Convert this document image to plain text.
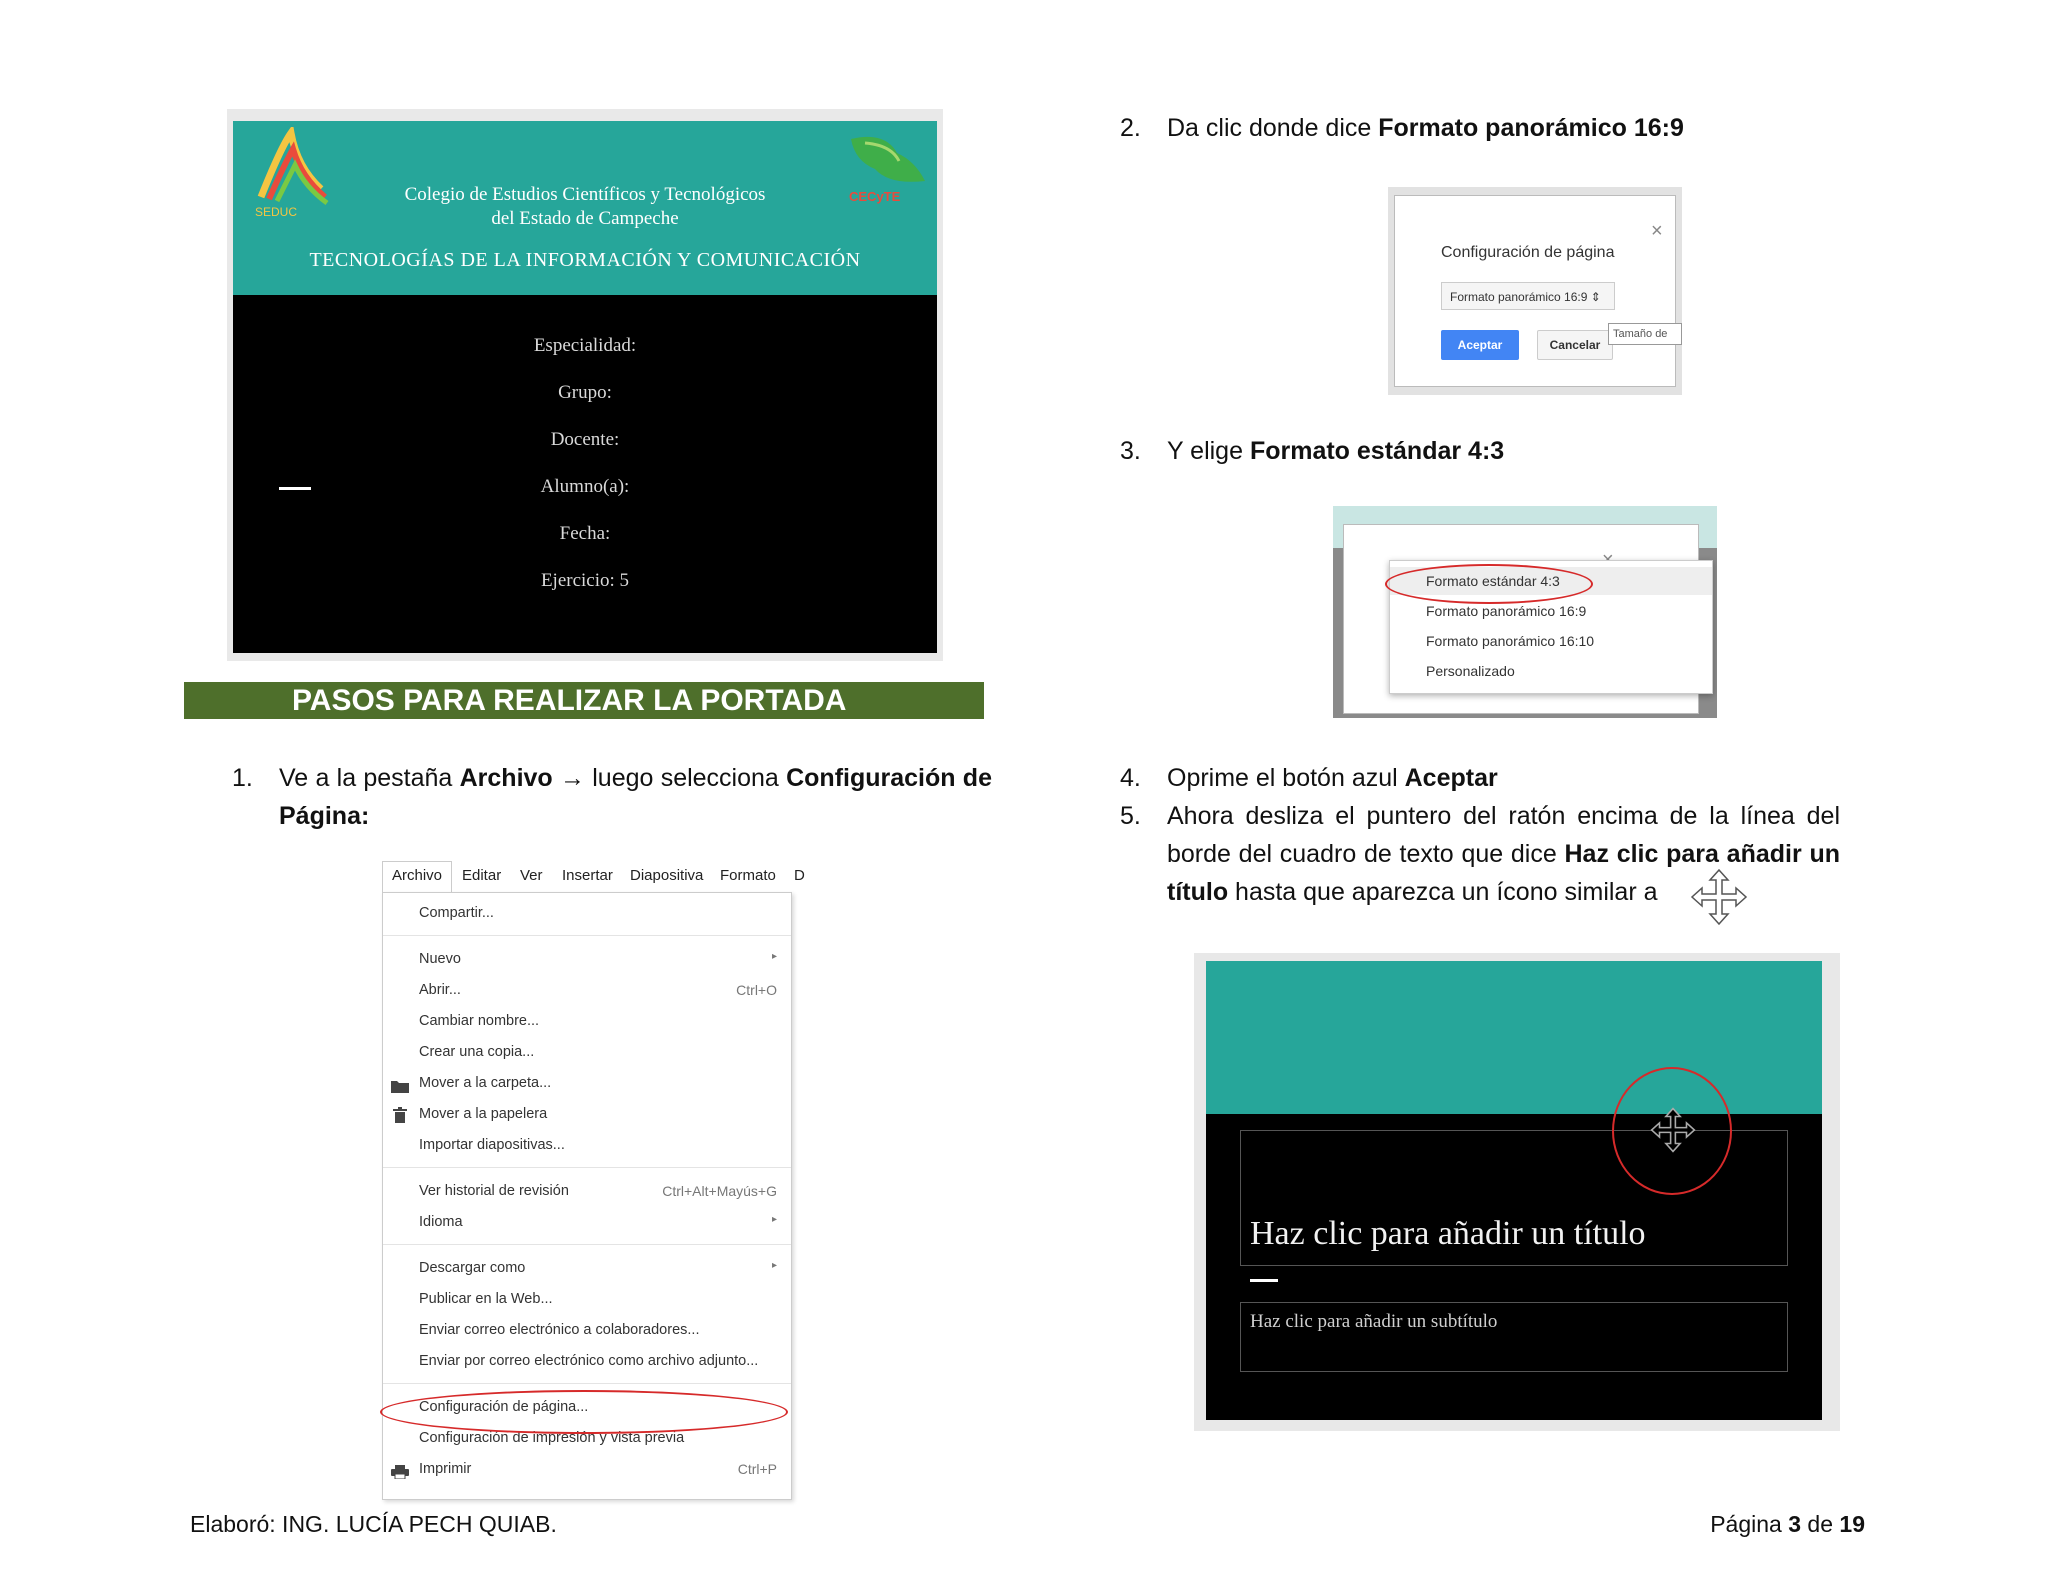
SEDUC
CECyTE
Colegio de Estudios Científicos y Tecnológicos
del Estado de Campeche
TECNOLOGÍAS DE LA INFORMACIÓN Y COMUNICACIÓN
Especialidad:
Grupo:
Docente:
Alumno(a):
Fecha:
Ejercicio: 5
PASOS PARA REALIZAR LA PORTADA
1. Ve a la pestaña Archivo → luego selecciona Configuración de Página:
Archivo Editar Ver Insertar Diapositiva Formato D
Compartir...
Nuevo	▸
Abrir...	Ctrl+O
Cambiar nombre...
Crear una copia...
Mover a la carpeta...
Mover a la papelera
Importar diapositivas...
Ver historial de revisión	Ctrl+Alt+Mayús+G
Idioma	▸
Descargar como	▸
Publicar en la Web...
Enviar correo electrónico a colaboradores...
Enviar por correo electrónico como archivo adjunto...
Configuración de página...
Configuración de impresión y vista previa
Imprimir	Ctrl+P
2. Da clic donde dice Formato panorámico 16:9
Configuración de página
×
Formato panorámico 16:9 ⇕
Aceptar	Cancelar
Tamaño de
3. Y elige Formato estándar 4:3
Formato estándar 4:3
Formato panorámico 16:9
Formato panorámico 16:10
Personalizado
4. Oprime el botón azul Aceptar
5. Ahora desliza el puntero del ratón encima de la línea del borde del cuadro de texto que dice Haz clic para añadir un título hasta que aparezca un ícono similar a
Haz clic para añadir un título
Haz clic para añadir un subtítulo
Elaboró: ING. LUCÍA PECH QUIAB.	Página 3 de 19
